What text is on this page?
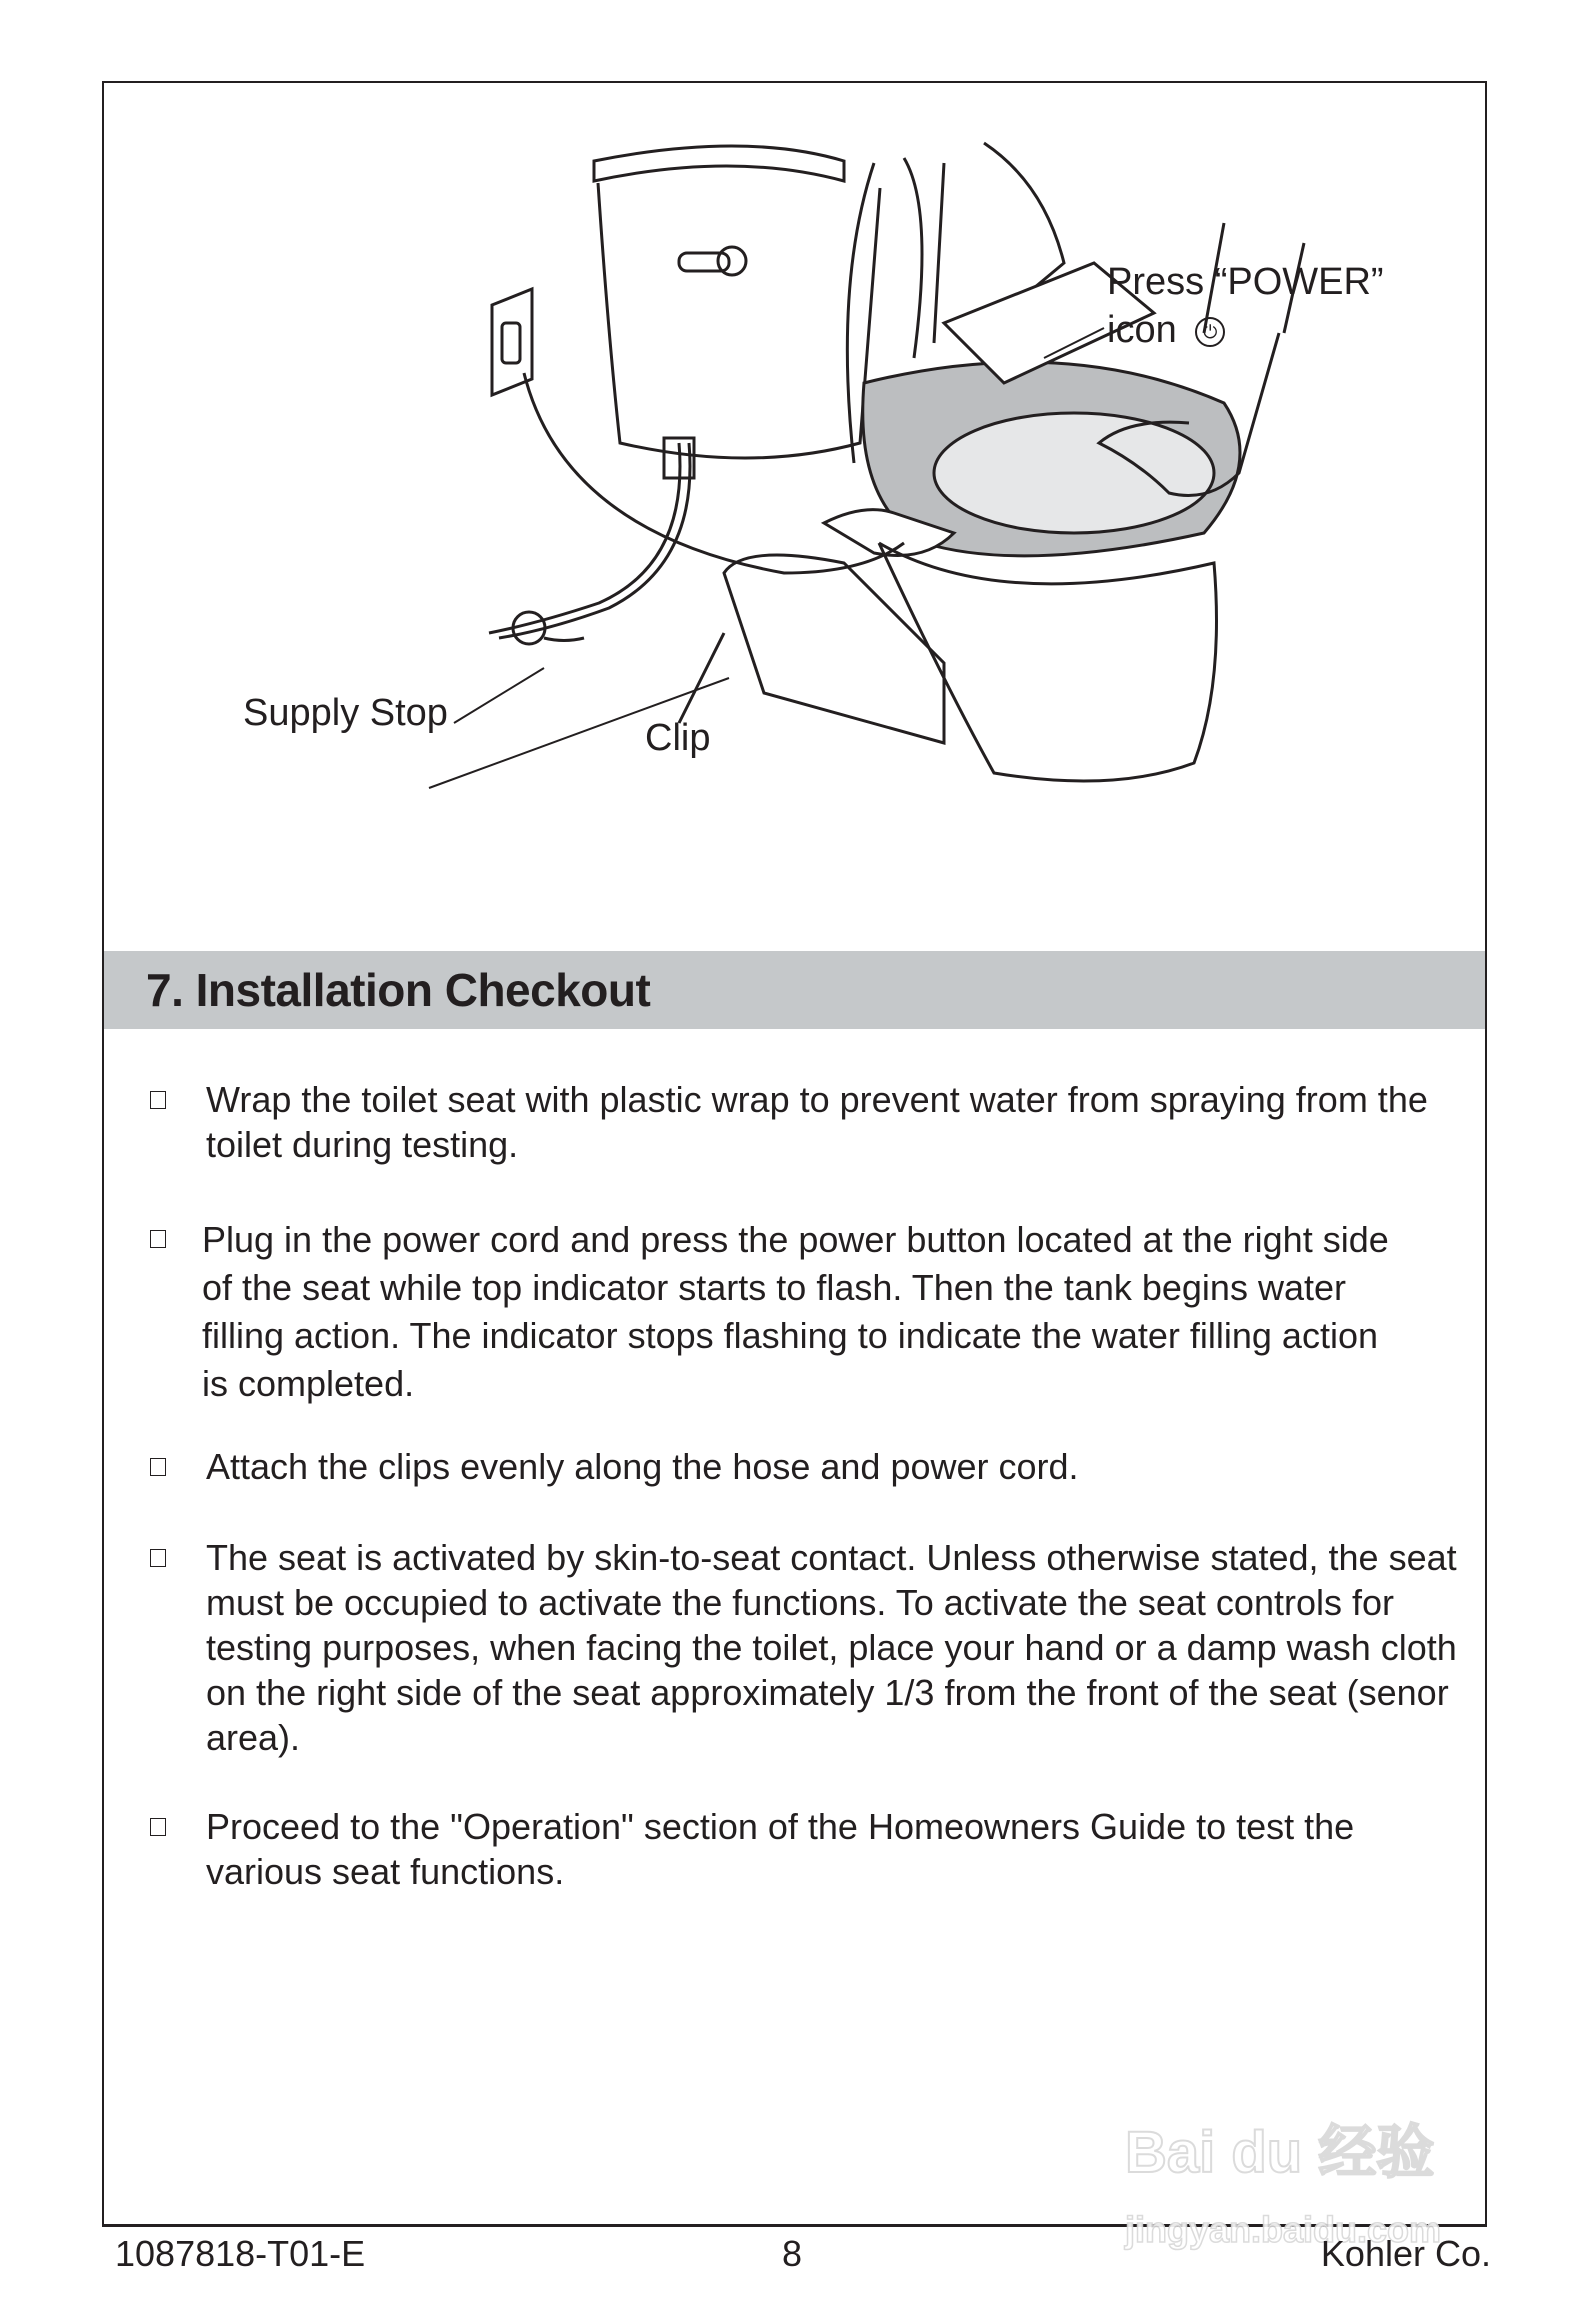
Press “POWER”
icon ⏻
Supply Stop
Clip
7. Installation Checkout
Wrap the toilet seat with plastic wrap to prevent water from spraying from the toilet during testing.
Plug in the power cord and press the power button located at the right side of the seat while top indicator starts to flash. Then the tank begins water filling action. The indicator stops flashing to indicate the water filling action is completed.
Attach the clips evenly along the hose and power cord.
The seat is activated by skin-to-seat contact. Unless otherwise stated, the seat must be occupied to activate the functions. To activate the seat controls for testing purposes, when facing the toilet, place your hand or a damp wash cloth on the right side of the seat approximately 1/3 from the front of the seat (senor area).
Proceed to the "Operation" section of the Homeowners Guide to test the various seat functions.
Bai du 经验
jingyan.baidu.com
1087818-T01-E	8	Kohler Co.
